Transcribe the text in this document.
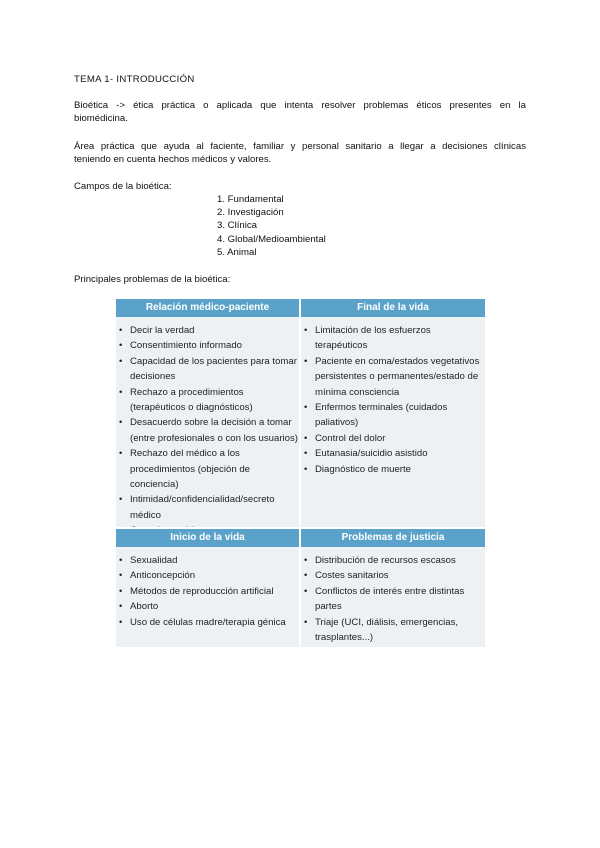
TEMA 1- INTRODUCCIÓN
Bioética -> ética práctica o aplicada que intenta resolver problemas éticos presentes en la
biomédicina.
Área práctica que ayuda al faciente, familiar y personal sanitario a llegar a decisiones clínicas
teniendo en cuenta hechos médicos y valores.
Campos de la bioética:
1. Fundamental
2. Investigación
3. Clínica
4. Global/Medioambiental
5. Animal
Principales problemas de la bioética:
Relación médico-paciente
• Decir la verdad
• Consentimiento informado
• Capacidad de los pacientes para tomar decisiones
• Rechazo a procedimientos (terapéuticos o diagnósticos)
• Desacuerdo sobre la decisión a tomar (entre profesionales o con los usuarios)
• Rechazo del médico a los procedimientos (objeción de conciencia)
• Intimidad/confidencialidad/secreto médico
•
Final de la vida
• Limitación de los esfuerzos terapéuticos
• Paciente en coma/estados vegetativos persistentes o permanentes/estado de mínima consciencia
• Enfermos terminales (cuidados paliativos)
• Control del dolor
• Eutanasia/suicidio asistido
• Diagnóstico de muerte
Inicio de la vida
• Sexualidad
• Anticoncepción
• Métodos de reproducción artificial
• Aborto
• Uso de células madre/terapia génica
Problemas de justicia
• Distribución de recursos escasos
• Costes sanitarios
• Conflictos de interés entre distintas partes
• Triaje (UCI, diálisis, emergencias, trasplantes...)
